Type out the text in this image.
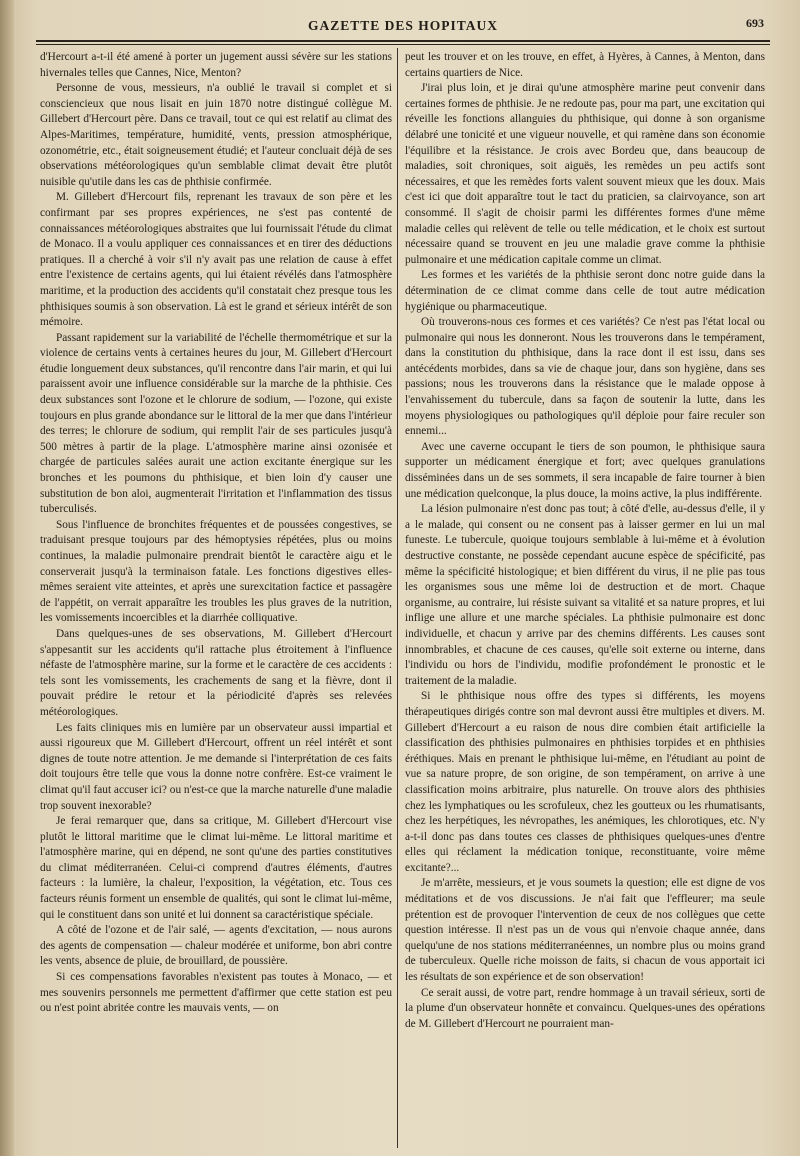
GAZETTE DES HOPITAUX	693

d'Hercourt a-t-il été amené à porter un jugement aussi sévère sur les stations hivernales telles que Cannes, Nice, Menton?

Personne de vous, messieurs, n'a oublié le travail si complet et si consciencieux que nous lisait en juin 1870 notre distingué collègue M. Gillebert d'Hercourt père. Dans ce travail, tout ce qui est relatif au climat des Alpes-Maritimes, température, humidité, vents, pression atmosphérique, ozonométrie, etc., était soigneusement étudié; et l'auteur concluait déjà de ses observations météorologiques qu'un semblable climat devait être plutôt nuisible qu'utile dans les cas de phthisie confirmée.

M. Gillebert d'Hercourt fils, reprenant les travaux de son père et les confirmant par ses propres expériences, ne s'est pas contenté de connaissances météorologiques abstraites que lui fournissait l'étude du climat de Monaco. Il a voulu appliquer ces connaissances et en tirer des déductions pratiques. Il a cherché à voir s'il n'y avait pas une relation de cause à effet entre l'existence de certains agents, qui lui étaient révélés dans l'atmosphère maritime, et la production des accidents qu'il constatait chez presque tous les phthisiques soumis à son observation. Là est le grand et sérieux intérêt de son mémoire.

Passant rapidement sur la variabilité de l'échelle thermométrique et sur la violence de certains vents à certaines heures du jour, M. Gillebert d'Hercourt étudie longuement deux substances, qu'il rencontre dans l'air marin, et qui lui paraissent avoir une influence considérable sur la marche de la phthisie. Ces deux substances sont l'ozone et le chlorure de sodium, — l'ozone, qui existe toujours en plus grande abondance sur le littoral de la mer que dans l'intérieur des terres; le chlorure de sodium, qui remplit l'air de ses particules jusqu'à 500 mètres à partir de la plage. L'atmosphère marine ainsi ozonisée et chargée de particules salées aurait une action excitante énergique sur les bronches et les poumons du phthisique, et bien loin d'y causer une substitution de bon aloi, augmenterait l'irritation et l'inflammation des tissus tuberculisés.

Sous l'influence de bronchites fréquentes et de poussées congestives, se traduisant presque toujours par des hémoptysies répétées, plus ou moins continues, la maladie pulmonaire prendrait bientôt le caractère aigu et le conserverait jusqu'à la terminaison fatale. Les fonctions digestives elles-mêmes seraient vite atteintes, et après une surexcitation factice et passagère de l'appétit, on verrait apparaître les troubles les plus graves de la nutrition, les vomissements incoercibles et la diarrhée colliquative.

Dans quelques-unes de ses observations, M. Gillebert d'Hercourt s'appesantit sur les accidents qu'il rattache plus étroitement à l'influence néfaste de l'atmosphère marine, sur la forme et le caractère de ces accidents : tels sont les vomissements, les crachements de sang et la fièvre, dont il pouvait prédire le retour et la périodicité d'après ses relevées météorologiques.

Les faits cliniques mis en lumière par un observateur aussi impartial et aussi rigoureux que M. Gillebert d'Hercourt, offrent un réel intérêt et sont dignes de toute notre attention. Je me demande si l'interprétation de ces faits doit toujours être telle que vous la donne notre confrère. Est-ce vraiment le climat qu'il faut accuser ici? ou n'est-ce que la marche naturelle d'une maladie trop souvent inexorable?

Je ferai remarquer que, dans sa critique, M. Gillebert d'Hercourt vise plutôt le littoral maritime que le climat lui-même. Le littoral maritime et l'atmosphère marine, qui en dépend, ne sont qu'une des parties constitutives du climat méditerranéen. Celui-ci comprend d'autres éléments, d'autres facteurs : la lumière, la chaleur, l'exposition, la végétation, etc. Tous ces facteurs réunis forment un ensemble de qualités, qui sont le climat lui-même, qui le constituent dans son unité et lui donnent sa caractéristique spéciale.

A côté de l'ozone et de l'air salé, — agents d'excitation, — nous aurons des agents de compensation — chaleur modérée et uniforme, bon abri contre les vents, absence de pluie, de brouillard, de poussière.

Si ces compensations favorables n'existent pas toutes à Monaco, — et mes souvenirs personnels me permettent d'affirmer que cette station est peu ou n'est point abritée contre les mauvais vents, — on

peut les trouver et on les trouve, en effet, à Hyères, à Cannes, à Menton, dans certains quartiers de Nice.

J'irai plus loin, et je dirai qu'une atmosphère marine peut convenir dans certaines formes de phthisie. Je ne redoute pas, pour ma part, une excitation qui réveille les fonctions allanguies du phthisique, qui donne à son organisme délabré une tonicité et une vigueur nouvelle, et qui ramène dans son économie l'équilibre et la résistance. Je crois avec Bordeu que, dans beaucoup de maladies, soit chroniques, soit aiguës, les remèdes un peu actifs sont nécessaires, et que les remèdes forts valent souvent mieux que les doux. Mais c'est ici que doit apparaître tout le tact du praticien, sa clairvoyance, son art consommé. Il s'agit de choisir parmi les différentes formes d'une même maladie celles qui relèvent de telle ou telle médication, et le choix est surtout nécessaire quand se trouvent en jeu une maladie grave comme la phthisie pulmonaire et une médication capitale comme un climat.

Les formes et les variétés de la phthisie seront donc notre guide dans la détermination de ce climat comme dans celle de tout autre médication hygiénique ou pharmaceutique.

Où trouverons-nous ces formes et ces variétés? Ce n'est pas l'état local ou pulmonaire qui nous les donneront. Nous les trouverons dans le tempérament, dans la constitution du phthisique, dans la race dont il est issu, dans ses antécédents morbides, dans sa vie de chaque jour, dans son hygiène, dans ses passions; nous les trouverons dans la résistance que le malade oppose à l'envahissement du tubercule, dans sa façon de soutenir la lutte, dans les moyens physiologiques ou pathologiques qu'il déploie pour faire reculer son ennemi...

Avec une caverne occupant le tiers de son poumon, le phthisique saura supporter un médicament énergique et fort; avec quelques granulations disséminées dans un de ses sommets, il sera incapable de faire tourner à bien une médication quelconque, la plus douce, la moins active, la plus indifférente.

La lésion pulmonaire n'est donc pas tout; à côté d'elle, au-dessus d'elle, il y a le malade, qui consent ou ne consent pas à laisser germer en lui un mal funeste. Le tubercule, quoique toujours semblable à lui-même et à évolution destructive constante, ne possède cependant aucune espèce de spécificité, pas même la spécificité histologique; et bien différent du virus, il ne plie pas tous les organismes sous une même loi de destruction et de mort. Chaque organisme, au contraire, lui résiste suivant sa vitalité et sa nature propres, et lui inflige une allure et une marche spéciales. La phthisie pulmonaire est donc individuelle, et chacun y arrive par des chemins différents. Les causes sont innombrables, et chacune de ces causes, qu'elle soit externe ou interne, dans l'individu ou hors de l'individu, modifie profondément le pronostic et le traitement de la maladie.

Si le phthisique nous offre des types si différents, les moyens thérapeutiques dirigés contre son mal devront aussi être multiples et divers. M. Gillebert d'Hercourt a eu raison de nous dire combien était artificielle la classification des phthisies pulmonaires en phthisies torpides et en phthisies éréthiques. Mais en prenant le phthisique lui-même, en l'étudiant au point de vue sa nature propre, de son origine, de son tempérament, on arrive à une classification moins arbitraire, plus naturelle. On trouve alors des phthisies chez les lymphatiques ou les scrofuleux, chez les goutteux ou les rhumatisants, chez les herpétiques, les névropathes, les anémiques, les chlorotiques, etc. N'y a-t-il donc pas dans toutes ces classes de phthisiques quelques-unes d'entre elles qui réclament la médication tonique, reconstituante, voire même excitante?...

Je m'arrête, messieurs, et je vous soumets la question; elle est digne de vos méditations et de vos discussions. Je n'ai fait que l'effleurer; ma seule prétention est de provoquer l'intervention de ceux de nos collègues que cette question intéresse. Il n'est pas un de vous qui n'envoie chaque année, dans quelqu'une de nos stations méditerranéennes, un nombre plus ou moins grand de tuberculeux. Quelle riche moisson de faits, si chacun de vous apportait ici les résultats de son expérience et de son observation!

Ce serait aussi, de votre part, rendre hommage à un travail sérieux, sorti de la plume d'un observateur honnête et convaincu. Quelques-unes des opérations de M. Gillebert d'Hercourt ne pourraient man-
